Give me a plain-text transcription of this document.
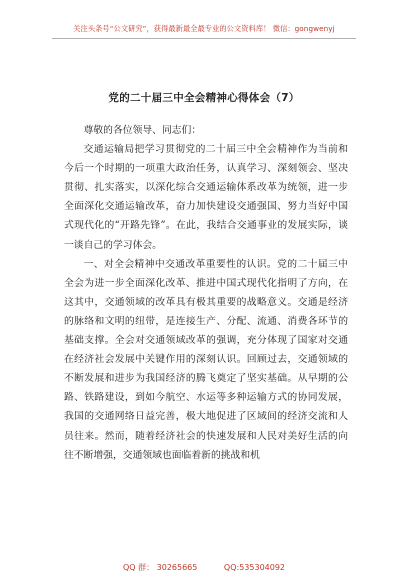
关注头条号“公文研究”，获得最新最全最专业的公文资料库！ 微信：gongwenyj
党的二十届三中全会精神心得体会（7）

尊敬的各位领导、同志们：

交通运输局把学习贯彻党的二十届三中全会精神作为当前和今后一个时期的一项重大政治任务，认真学习、深刻领会、坚决贯彻、扎实落实，以深化综合交通运输体系改革为统领，进一步全面深化交通运输改革，奋力加快建设交通强国、努力当好中国式现代化的“开路先锋”。在此，我结合交通事业的发展实际，谈一谈自己的学习体会。

一、对全会精神中交通改革重要性的认识。党的二十届三中全会为进一步全面深化改革、推进中国式现代化指明了方向，在这其中，交通领域的改革具有极其重要的战略意义。交通是经济的脉络和文明的纽带，是连接生产、分配、流通、消费各环节的基础支撑。全会对交通领域改革的强调，充分体现了国家对交通在经济社会发展中关键作用的深刻认识。回顾过去，交通领域的不断发展和进步为我国经济的腾飞奠定了坚实基础。从早期的公路、铁路建设，到如今航空、水运等多种运输方式的协同发展，我国的交通网络日益完善，极大地促进了区域间的经济交流和人员往来。然而，随着经济社会的快速发展和人民对美好生活的向往不断增强，交通领域也面临着新的挑战和机

QQ 群： 30265665	QQ:535304092
